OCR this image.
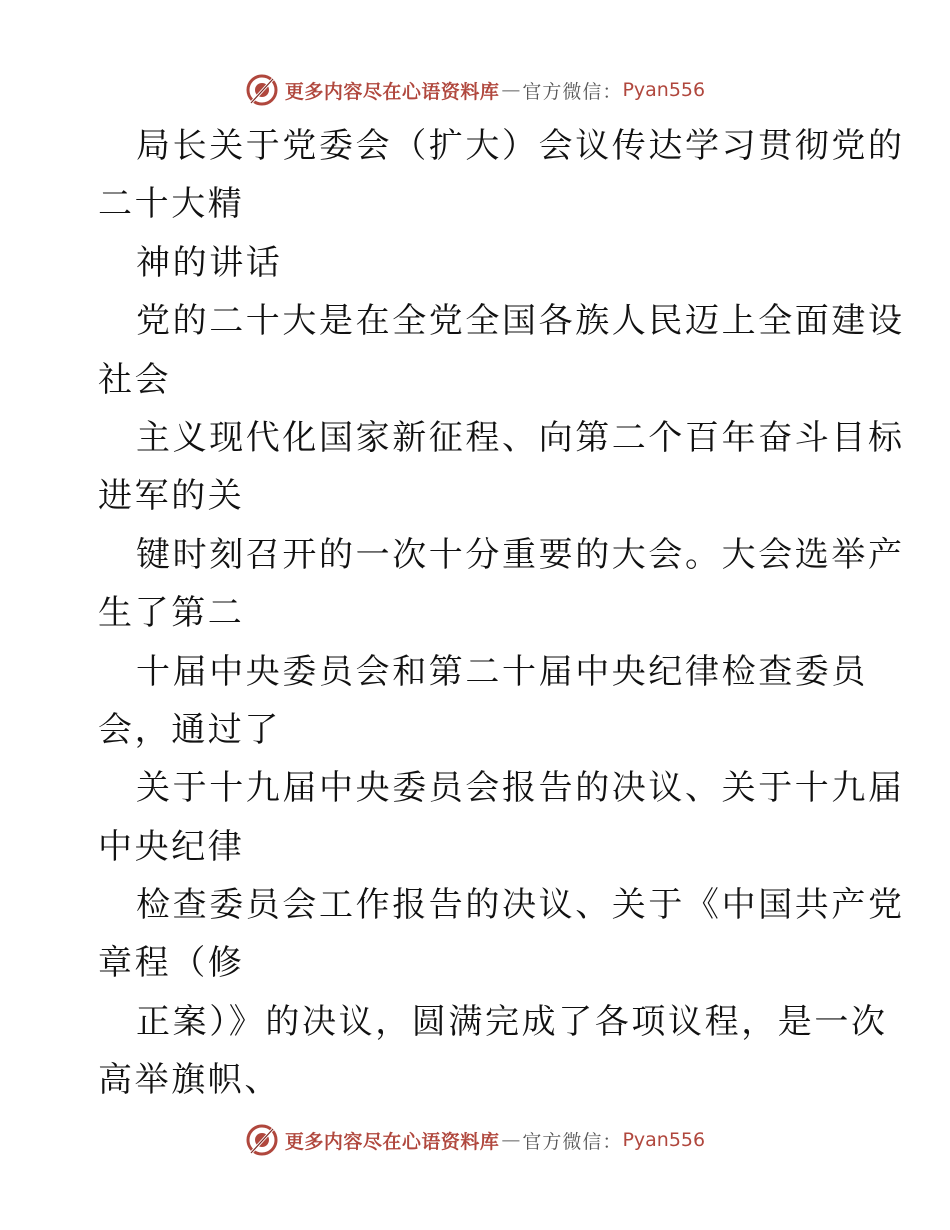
更多内容尽在心语资料库 — 官方微信： Pyan556
局长关于党委会（扩大）会议传达学习贯彻党的
二十大精
神的讲话
党的二十大是在全党全国各族人民迈上全面建设
社会
主义现代化国家新征程、向第二个百年奋斗目标
进军的关
键时刻召开的一次十分重要的大会。大会选举产
生了第二
十届中央委员会和第二十届中央纪律检查委员
会，通过了
关于十九届中央委员会报告的决议、关于十九届
中央纪律
检查委员会工作报告的决议、关于《中国共产党
章程（修
正案）》的决议，圆满完成了各项议程，是一次
高举旗帜、
更多内容尽在心语资料库 — 官方微信： Pyan556
